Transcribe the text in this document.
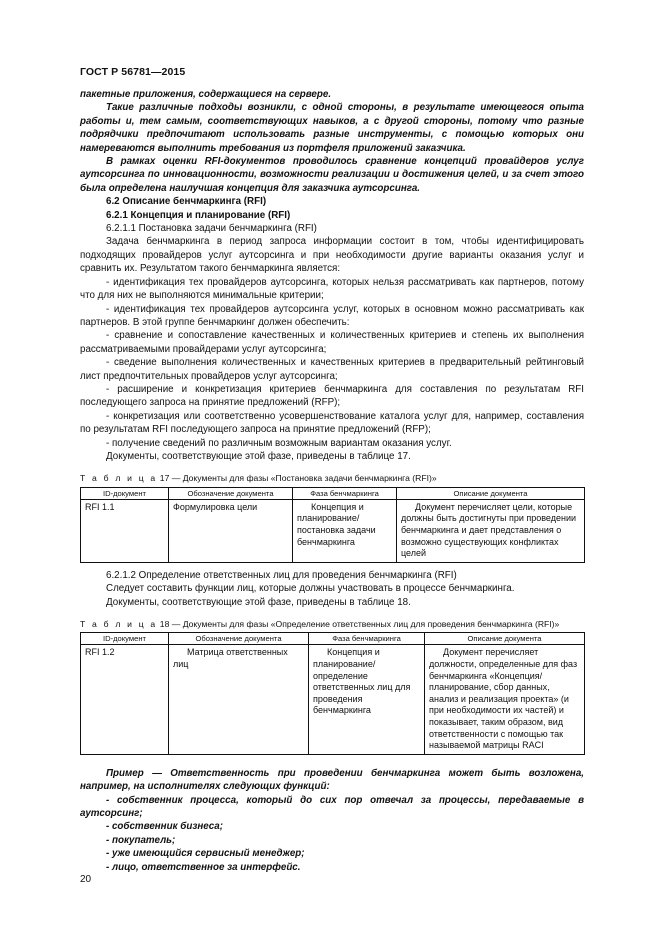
ГОСТ Р 56781—2015

пакетные приложения, содержащиеся на сервере.

Такие различные подходы возникли, с одной стороны, в результате имеющегося опыта работы и, тем самым, соответствующих навыков, а с другой стороны, потому что разные подрядчики предпочитают использовать разные инструменты, с помощью которых они намереваются выполнить требования из портфеля приложений заказчика.

В рамках оценки RFI-документов проводилось сравнение концепций провайдеров услуг аутсорсинга по инновационности, возможности реализации и достижения целей, и за счет этого была определена наилучшая концепция для заказчика аутсорсинга.

6.2 Описание бенчмаркинга (RFI)

6.2.1 Концепция и планирование (RFI)

6.2.1.1 Постановка задачи бенчмаркинга (RFI)

Задача бенчмаркинга в период запроса информации состоит в том, чтобы идентифицировать подходящих провайдеров услуг аутсорсинга и при необходимости другие варианты оказания услуг и сравнить их. Результатом такого бенчмаркинга является:

- идентификация тех провайдеров аутсорсинга, которых нельзя рассматривать как партнеров, потому что для них не выполняются минимальные критерии;

- идентификация тех провайдеров аутсорсинга услуг, которых в основном можно рассматривать как партнеров. В этой группе бенчмаркинг должен обеспечить:

- сравнение и сопоставление качественных и количественных критериев и степень их выполнения рассматриваемыми провайдерами услуг аутсорсинга;

- сведение выполнения количественных и качественных критериев в предварительный рейтинговый лист предпочтительных провайдеров услуг аутсорсинга;

- расширение и конкретизация критериев бенчмаркинга для составления по результатам RFI последующего запроса на принятие предложений (RFP);

- конкретизация или соответственно усовершенствование каталога услуг для, например, составления по результатам RFI последующего запроса на принятие предложений (RFP);

- получение сведений по различным возможным вариантам оказания услуг.

Документы, соответствующие этой фазе, приведены в таблице 17.

Т а б л и ц а 17 — Документы для фазы «Постановка задачи бенчмаркинга (RFI)»
ID-документ	Обозначение документа	Фаза бенчмаркинга	Описание документа
RFI 1.1	Формулировка цели	Концепция и планирование/ постановка задачи бенчмаркинга	Документ перечисляет цели, которые должны быть достигнуты при проведении бенчмаркинга и дает представления о возможно существующих конфликтах целей

6.2.1.2 Определение ответственных лиц для проведения бенчмаркинга (RFI)

Следует составить функции лиц, которые должны участвовать в процессе бенчмаркинга.

Документы, соответствующие этой фазе, приведены в таблице 18.

Т а б л и ц а 18 — Документы для фазы «Определение ответственных лиц для проведения бенчмаркинга (RFI)»
ID-документ	Обозначение документа	Фаза бенчмаркинга	Описание документа
RFI 1.2	Матрица ответственных лиц	Концепция и планирование/ определение ответственных лиц для проведения бенчмаркинга	Документ перечисляет должности, определенные для фаз бенчмаркинга «Концепция/планирование, сбор данных, анализ и реализация проекта» (и при необходимости их частей) и показывает, таким образом, вид ответственности с помощью так называемой матрицы RACI

Пример — Ответственность при проведении бенчмаркинга может быть возложена, например, на исполнителях следующих функций:

- собственник процесса, который до сих пор отвечал за процессы, передаваемые в аутсорсинг;

- собственник бизнеса;

- покупатель;

- уже имеющийся сервисный менеджер;

- лицо, ответственное за интерфейс.

20
